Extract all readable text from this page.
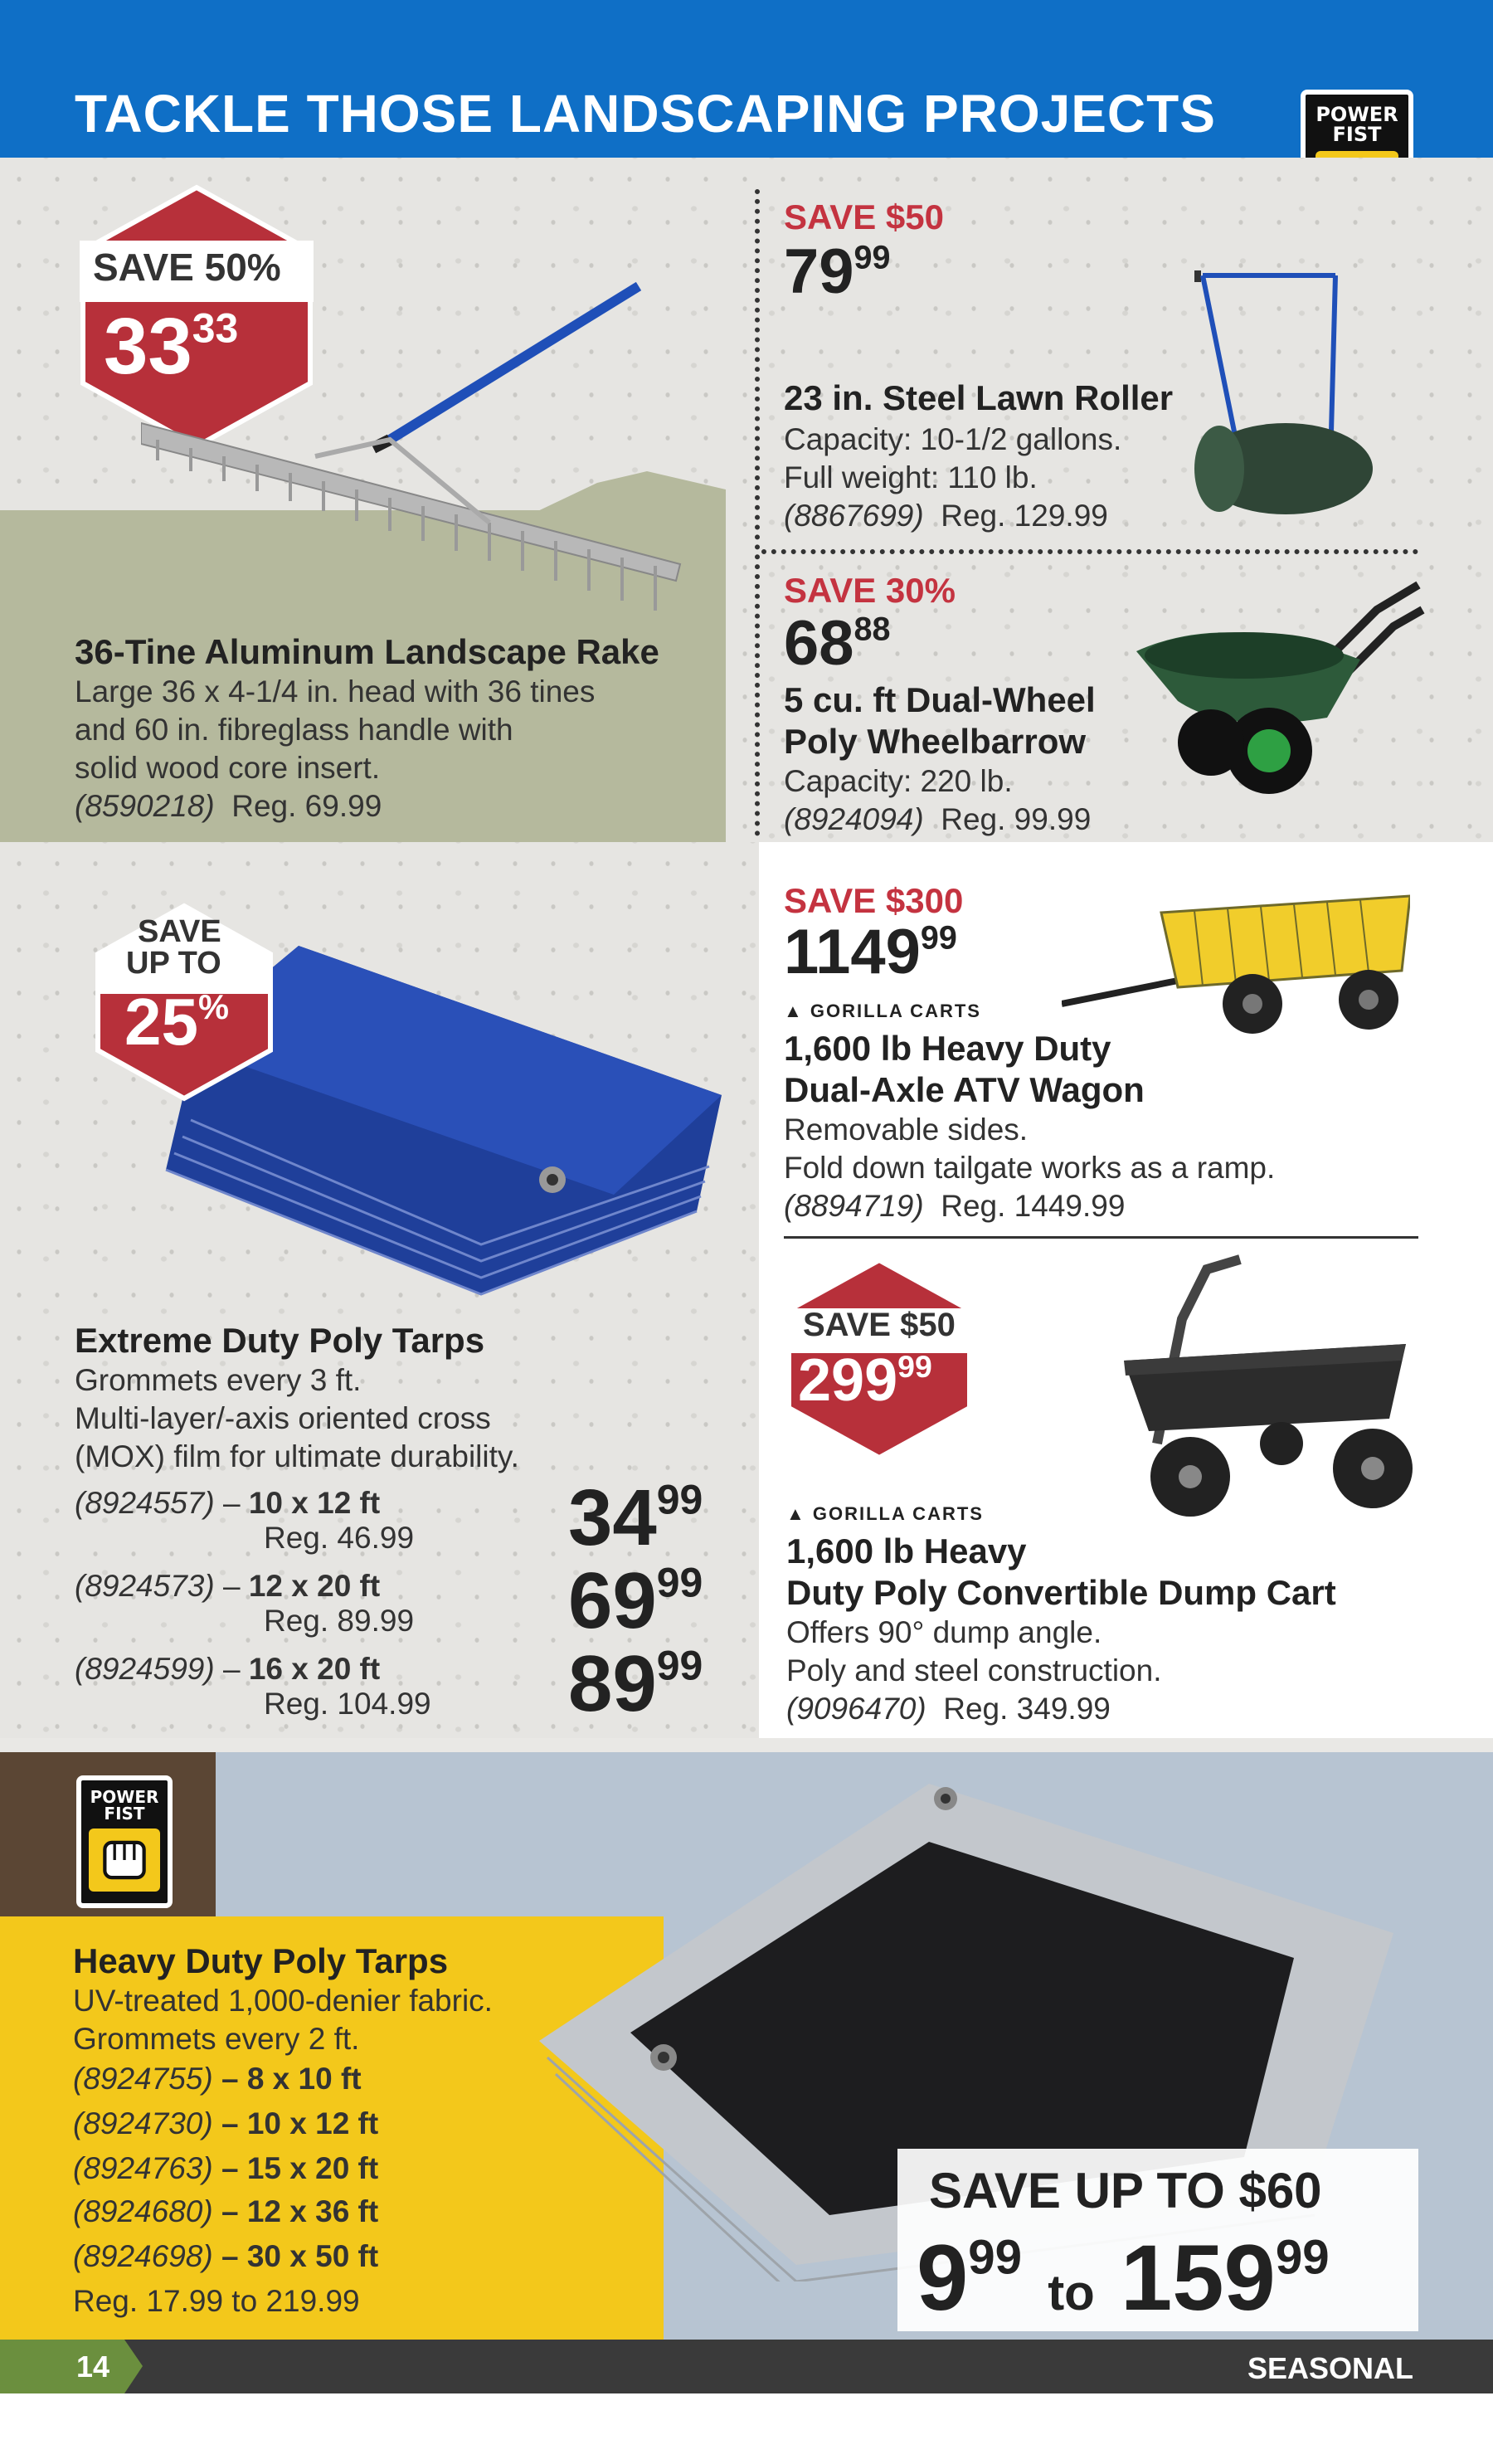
TACKLE THOSE LANDSCAPING PROJECTS	POWER
FIST
SAVE 50%
$33^{33}$
36-Tine Aluminum Landscape Rake
Large 36 x 4-1/4 in. head with 36 tines
and 60 in. fibreglass handle with
solid wood core insert.
(8590218) Reg. 69.99
SAVE $50
$79^{99}$
23 in. Steel Lawn Roller
Capacity: 10-1/2 gallons.
Full weight: 110 lb.
(8867699) Reg. 129.99
SAVE 30%
$68^{88}$
5 cu. ft Dual-Wheel
Poly Wheelbarrow
Capacity: 220 lb.
(8924094) Reg. 99.99
SAVE
UP TO
25%
Extreme Duty Poly Tarps
Grommets every 3 ft.
Multi-layer/-axis oriented cross
(MOX) film for ultimate durability.
(8924557) – 10 x 12 ft
Reg. 46.99 $34^{99}$
(8924573) – 12 x 20 ft
Reg. 89.99 $69^{99}$
(8924599) – 16 x 20 ft
Reg. 104.99 $89^{99}$
SAVE $300
1149$^{99}$
▲ GORILLA CARTS
1,600 lb Heavy Duty
Dual-Axle ATV Wagon
Removable sides.
Fold down tailgate works as a ramp.
(8894719) Reg. 1449.99
SAVE $50
$299^{99}$
▲ GORILLA CARTS
1,600 lb Heavy
Duty Poly Convertible Dump Cart
Offers 90° dump angle.
Poly and steel construction.
(9096470) Reg. 349.99
POWER
FIST
Heavy Duty Poly Tarps
UV-treated 1,000-denier fabric.
Grommets every 2 ft.
(8924755) – 8 x 10 ft
(8924730) – 10 x 12 ft
(8924763) – 15 x 20 ft
(8924680) – 12 x 36 ft
(8924698) – 30 x 50 ft
Reg. 17.99 to 219.99
SAVE UP TO $60
$9^{99}$ to $159^{99}$
14	SEASONAL
